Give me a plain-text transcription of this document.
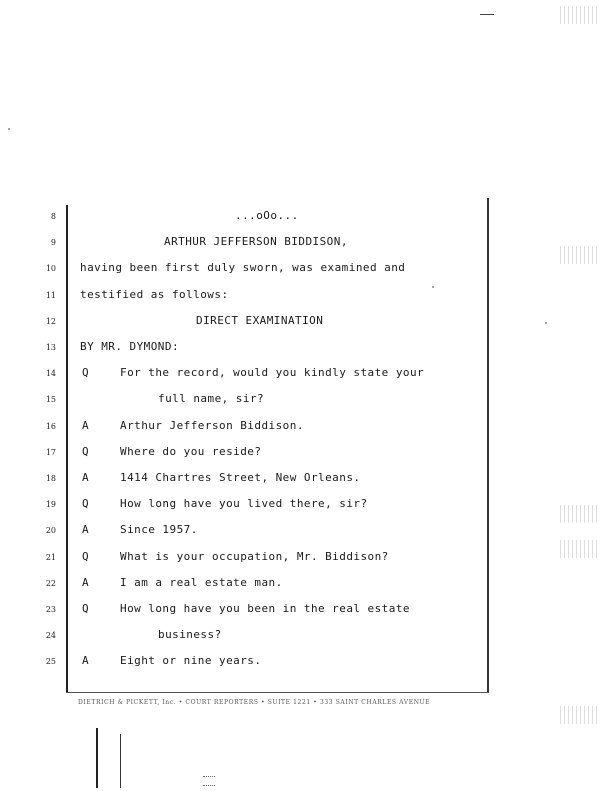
8	...oOo...
9	ARTHUR JEFFERSON BIDDISON,
10 having been first duly sworn, was examined and
11 testified as follows:
12	DIRECT EXAMINATION
13 BY MR. DYMOND:
14 Q	For the record, would you kindly state your
15	full name, sir?
16 A	Arthur Jefferson Biddison.
17 Q	Where do you reside?
18 A	1414 Chartres Street, New Orleans.
19 Q	How long have you lived there, sir?
20 A	Since 1957.
21 Q	What is your occupation, Mr. Biddison?
22 A	I am a real estate man.
23 Q	How long have you been in the real estate
24	business?
25 A	Eight or nine years.
DIETRICH & PICKETT, Inc. • COURT REPORTERS • SUITE 1221 • 333 SAINT CHARLES AVENUE
